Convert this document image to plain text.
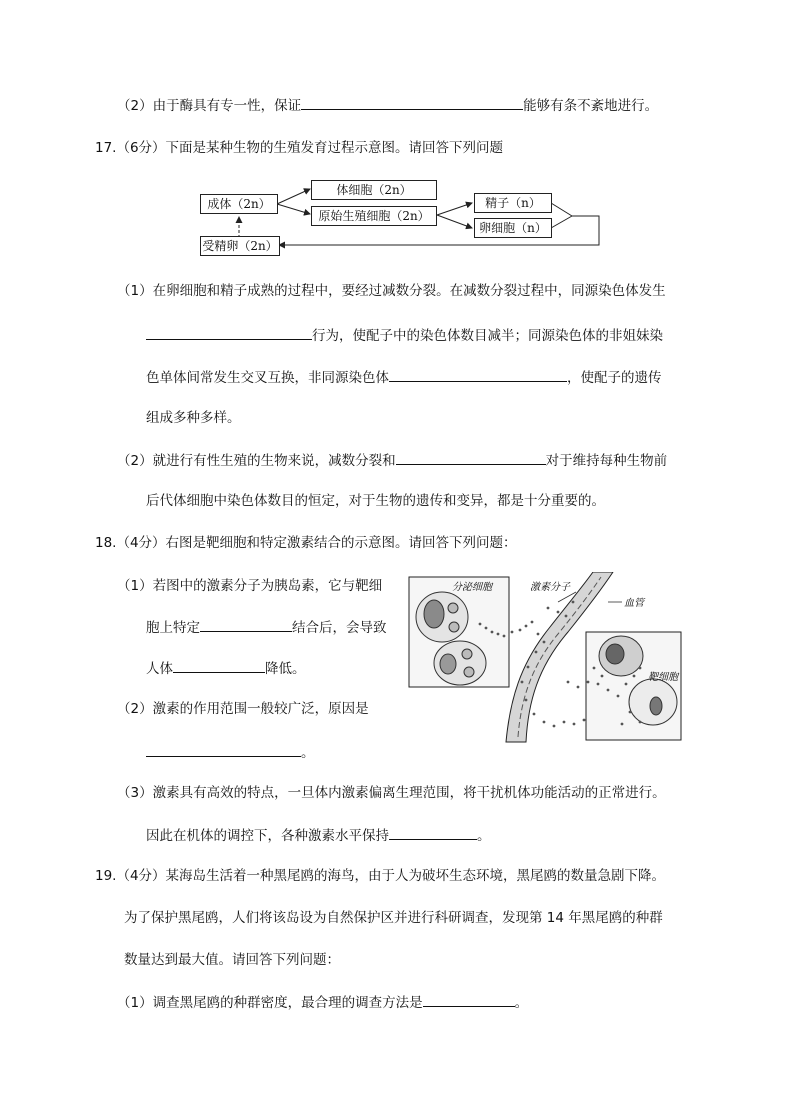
（2）由于酶具有专一性，保证	能够有条不紊地进行。
17.（6分）下面是某种生物的生殖发育过程示意图。请回答下列问题
成体（2n）
体细胞（2n）
原始生殖细胞（2n）
精子（n）
卵细胞（n）
受精卵（2n）
（1）在卵细胞和精子成熟的过程中，要经过减数分裂。在减数分裂过程中，同源染色体发生
行为，使配子中的染色体数目减半；同源染色体的非姐妹染
色单体间常发生交叉互换，非同源染色体	，使配子的遗传
组成多种多样。
（2）就进行有性生殖的生物来说，减数分裂和	对于维持每种生物前
后代体细胞中染色体数目的恒定，对于生物的遗传和变异，都是十分重要的。
18.（4分）右图是靶细胞和特定激素结合的示意图。请回答下列问题：
（1）若图中的激素分子为胰岛素，它与靶细
胞上特定	结合后，会导致
人体	降低。
（2）激素的作用范围一般较广泛，原因是
。
分泌细胞	激素分子
血管
靶细胞
（3）激素具有高效的特点，一旦体内激素偏离生理范围，将干扰机体功能活动的正常进行。
因此在机体的调控下，各种激素水平保持	。
19.（4分）某海岛生活着一种黑尾鸥的海鸟，由于人为破坏生态环境，黑尾鸥的数量急剧下降。
为了保护黑尾鸥，人们将该岛设为自然保护区并进行科研调查，发现第 14 年黑尾鸥的种群
数量达到最大值。请回答下列问题：
（1）调查黑尾鸥的种群密度，最合理的调查方法是	。
